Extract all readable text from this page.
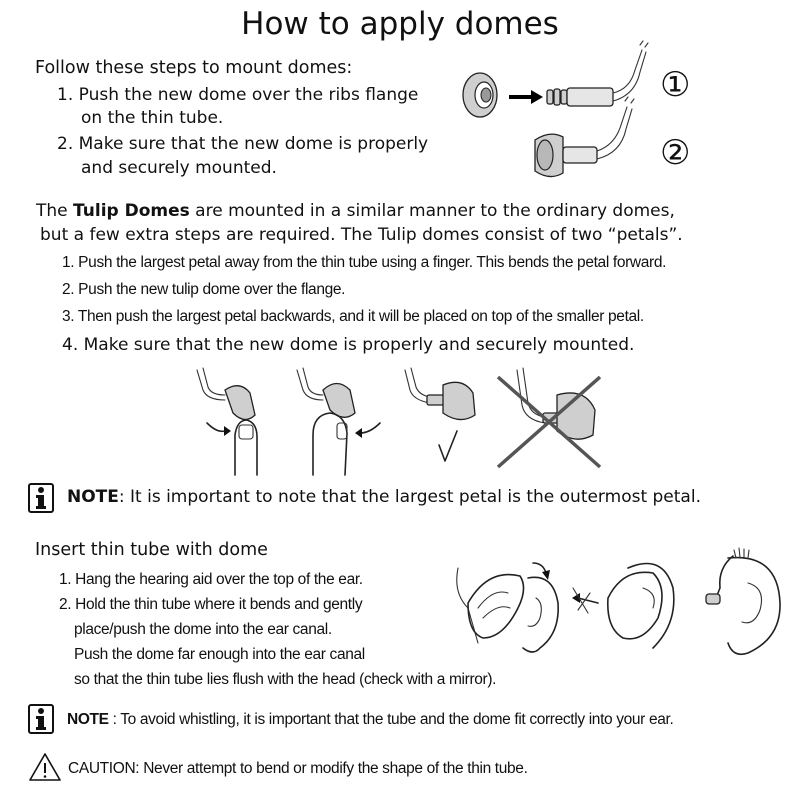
How to apply domes
Follow these steps to mount domes:
1. Push the new dome over the ribs flange
on the thin tube.
2. Make sure that the new dome is properly
and securely mounted.
①
②
The Tulip Domes are mounted in a similar manner to the ordinary domes,
but a few extra steps are required. The Tulip domes consist of two “petals”.
1. Push the largest petal away from the thin tube using a finger. This bends the petal forward.
2. Push the new tulip dome over the flange.
3. Then push the largest petal backwards, and it will be placed on top of the smaller petal.
4. Make sure that the new dome is properly and securely mounted.
NOTE: It is important to note that the largest petal is the outermost petal.
Insert thin tube with dome
1. Hang the hearing aid over the top of the ear.
2. Hold the thin tube where it bends and gently
place/push the dome into the ear canal.
Push the dome far enough into the ear canal
so that the thin tube lies flush with the head (check with a mirror).
NOTE : To avoid whistling, it is important that the tube and the dome fit correctly into your ear.
CAUTION: Never attempt to bend or modify the shape of the thin tube.
